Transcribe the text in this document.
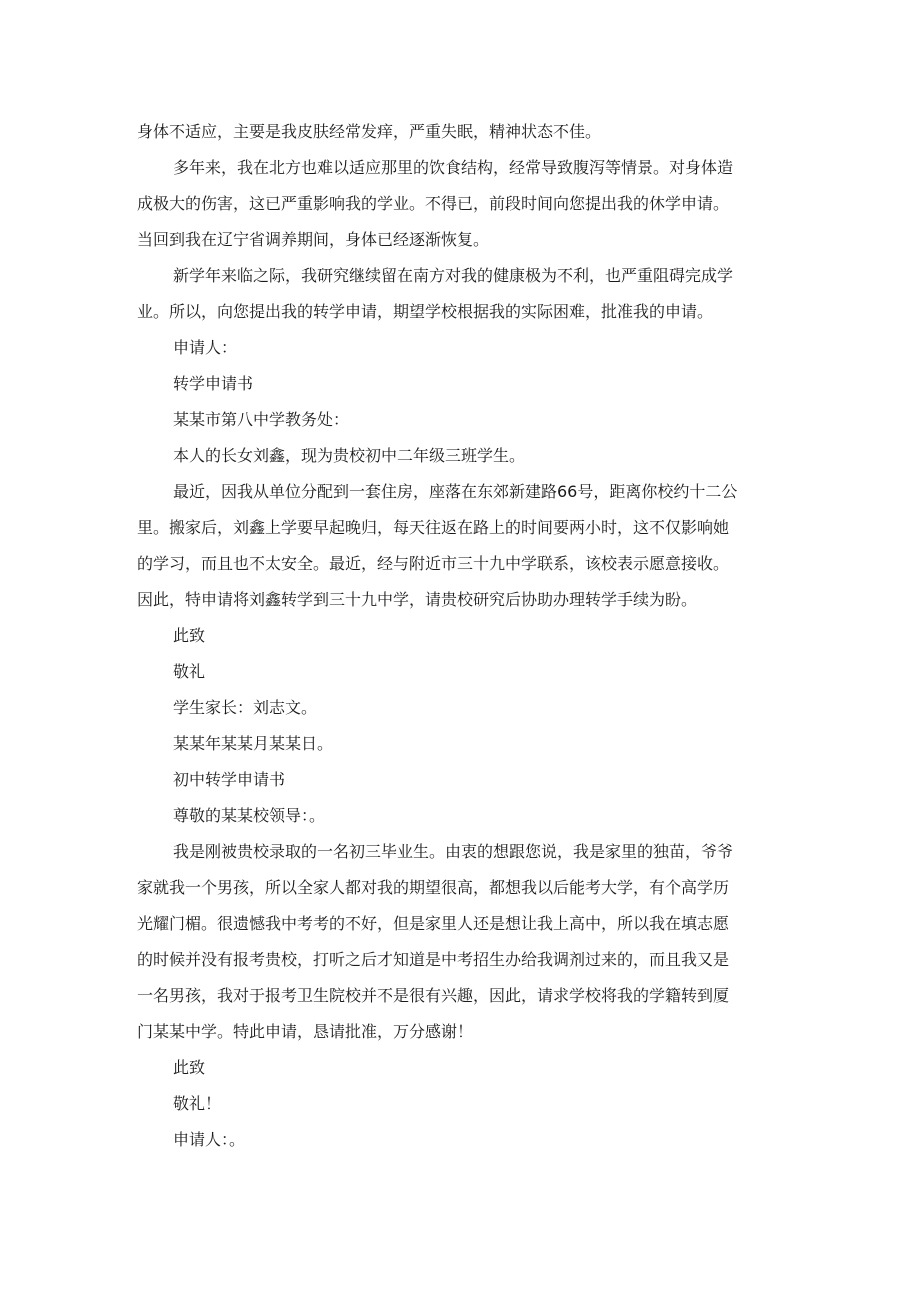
身体不适应，主要是我皮肤经常发痒，严重失眠，精神状态不佳。

多年来，我在北方也难以适应那里的饮食结构，经常导致腹泻等情景。对身体造

成极大的伤害，这已严重影响我的学业。不得已，前段时间向您提出我的休学申请。

当回到我在辽宁省调养期间，身体已经逐渐恢复。

新学年来临之际，我研究继续留在南方对我的健康极为不利，也严重阻碍完成学

业。所以，向您提出我的转学申请，期望学校根据我的实际困难，批准我的申请。

申请人：

转学申请书

某某市第八中学教务处：

本人的长女刘鑫，现为贵校初中二年级三班学生。

最近，因我从单位分配到一套住房，座落在东郊新建路66号，距离你校约十二公

里。搬家后，刘鑫上学要早起晚归，每天往返在路上的时间要两小时，这不仅影响她

的学习，而且也不太安全。最近，经与附近市三十九中学联系，该校表示愿意接收。

因此，特申请将刘鑫转学到三十九中学，请贵校研究后协助办理转学手续为盼。

此致

敬礼

学生家长：刘志文。

某某年某某月某某日。

初中转学申请书

尊敬的某某校领导：。

我是刚被贵校录取的一名初三毕业生。由衷的想跟您说，我是家里的独苗，爷爷

家就我一个男孩，所以全家人都对我的期望很高，都想我以后能考大学，有个高学历

光耀门楣。很遗憾我中考考的不好，但是家里人还是想让我上高中，所以我在填志愿

的时候并没有报考贵校，打听之后才知道是中考招生办给我调剂过来的，而且我又是

一名男孩，我对于报考卫生院校并不是很有兴趣，因此，请求学校将我的学籍转到厦

门某某中学。特此申请，恳请批准，万分感谢！

此致

敬礼！

申请人：。
